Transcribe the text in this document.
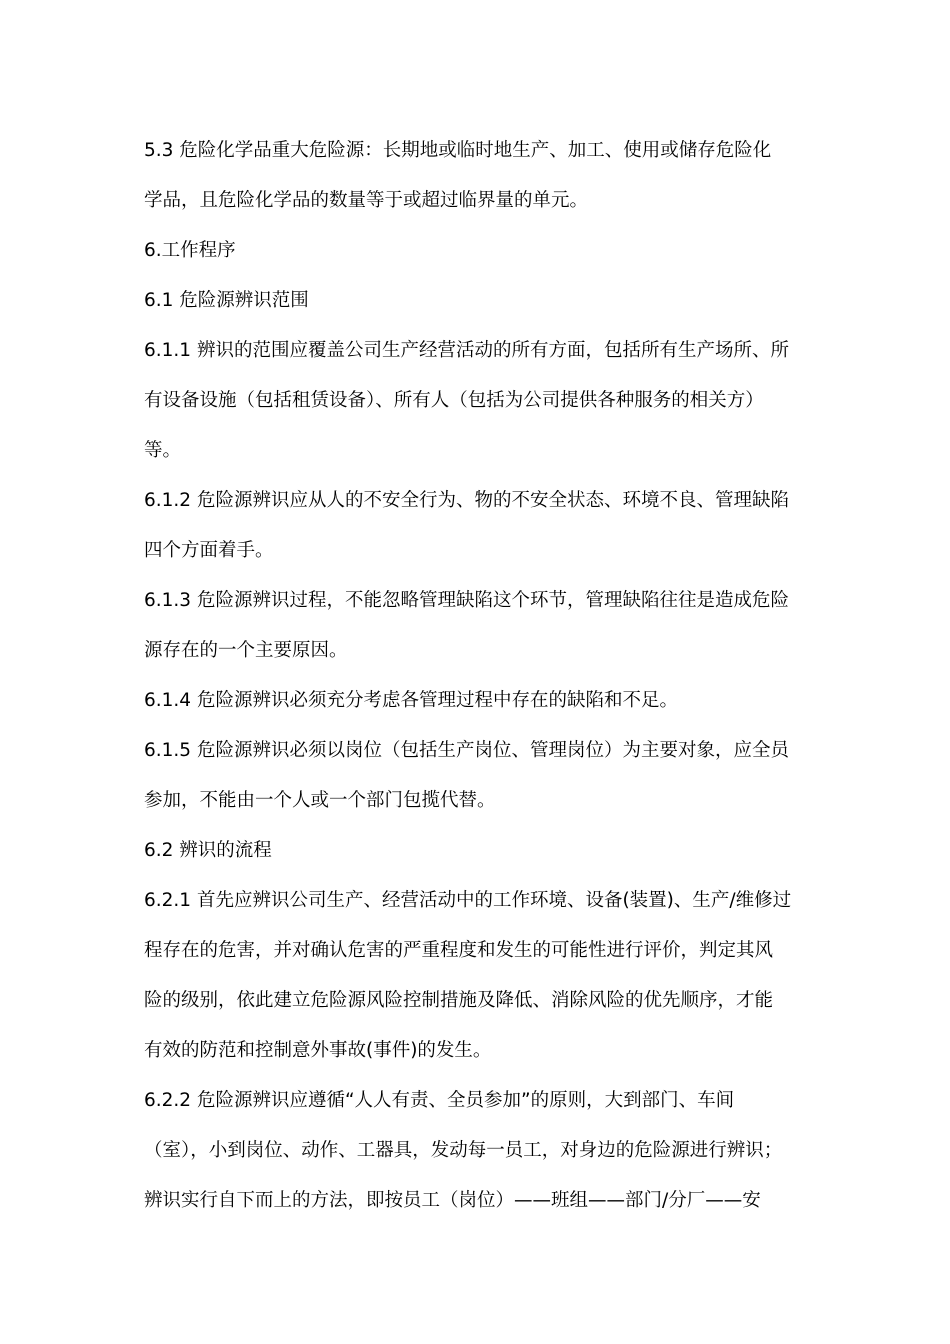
5.3 危险化学品重大危险源：长期地或临时地生产、加工、使用或储存危险化

学品，且危险化学品的数量等于或超过临界量的单元。

6.工作程序

6.1 危险源辨识范围

6.1.1 辨识的范围应覆盖公司生产经营活动的所有方面，包括所有生产场所、所

有设备设施（包括租赁设备）、所有人（包括为公司提供各种服务的相关方）

等。

6.1.2 危险源辨识应从人的不安全行为、物的不安全状态、环境不良、管理缺陷

四个方面着手。

6.1.3 危险源辨识过程，不能忽略管理缺陷这个环节，管理缺陷往往是造成危险

源存在的一个主要原因。

6.1.4 危险源辨识必须充分考虑各管理过程中存在的缺陷和不足。

6.1.5 危险源辨识必须以岗位（包括生产岗位、管理岗位）为主要对象，应全员

参加，不能由一个人或一个部门包揽代替。

6.2 辨识的流程

6.2.1 首先应辨识公司生产、经营活动中的工作环境、设备(装置)、生产/维修过

程存在的危害，并对确认危害的严重程度和发生的可能性进行评价，判定其风

险的级别，依此建立危险源风险控制措施及降低、消除风险的优先顺序，才能

有效的防范和控制意外事故(事件)的发生。

6.2.2 危险源辨识应遵循“人人有责、全员参加”的原则，大到部门、车间

（室），小到岗位、动作、工器具，发动每一员工，对身边的危险源进行辨识；

辨识实行自下而上的方法，即按员工（岗位）——班组——部门/分厂——安
